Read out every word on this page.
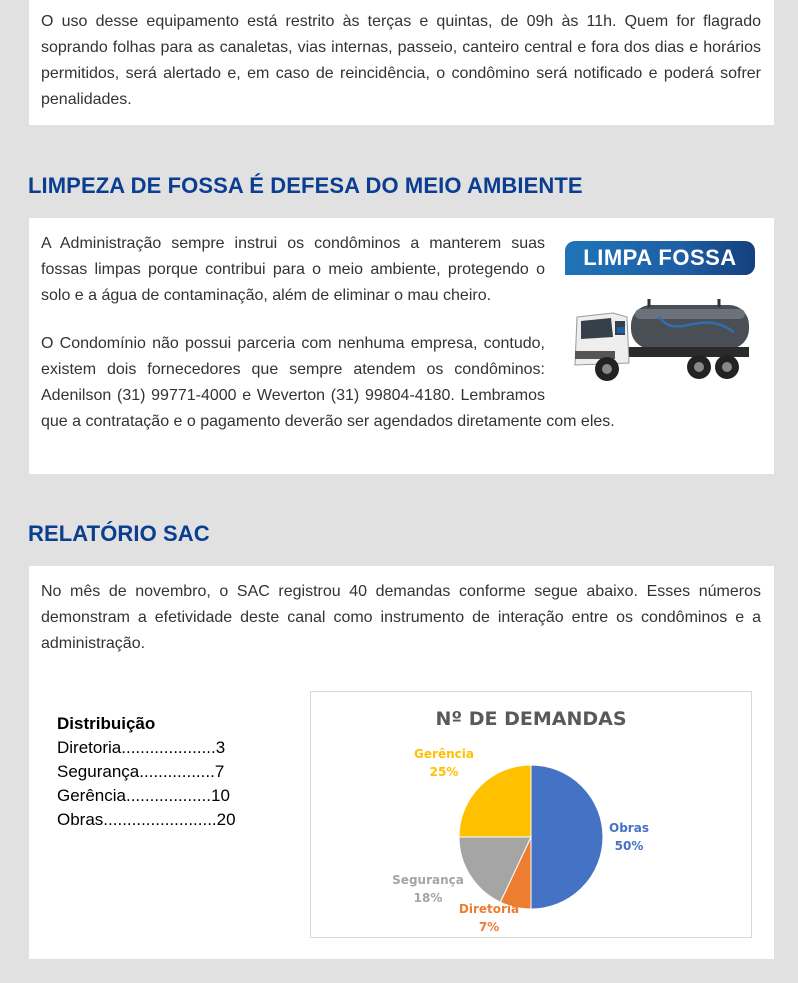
O uso desse equipamento está restrito às terças e quintas, de 09h às 11h. Quem for flagrado soprando folhas para as canaletas, vias internas, passeio, canteiro central e fora dos dias e horários permitidos, será alertado e, em caso de reincidência, o condômino será notificado e poderá sofrer penalidades.

LIMPEZA DE FOSSA É DEFESA DO MEIO AMBIENTE
LIMPA FOSSA

A Administração sempre instrui os condôminos a manterem suas fossas limpas porque contribui para o meio ambiente, protegendo o solo e a água de contaminação, além de eliminar o mau cheiro.

O Condomínio não possui parceria com nenhuma empresa, contudo, existem dois fornecedores que sempre atendem os condôminos: Adenilson (31) 99771-4000 e Weverton (31) 99804-4180. Lembramos que a contratação e o pagamento deverão ser agendados diretamente com eles.

RELATÓRIO SAC

No mês de novembro, o SAC registrou 40 demandas conforme segue abaixo. Esses números demonstram a efetividade deste canal como instrumento de interação entre os condôminos e a administração.

Distribuição
Diretoria....................3
Segurança................7
Gerência..................10
Obras........................20
Nº DE DEMANDAS
Obras
50%
Diretoria
7%
Segurança
18%
Gerência
25%
